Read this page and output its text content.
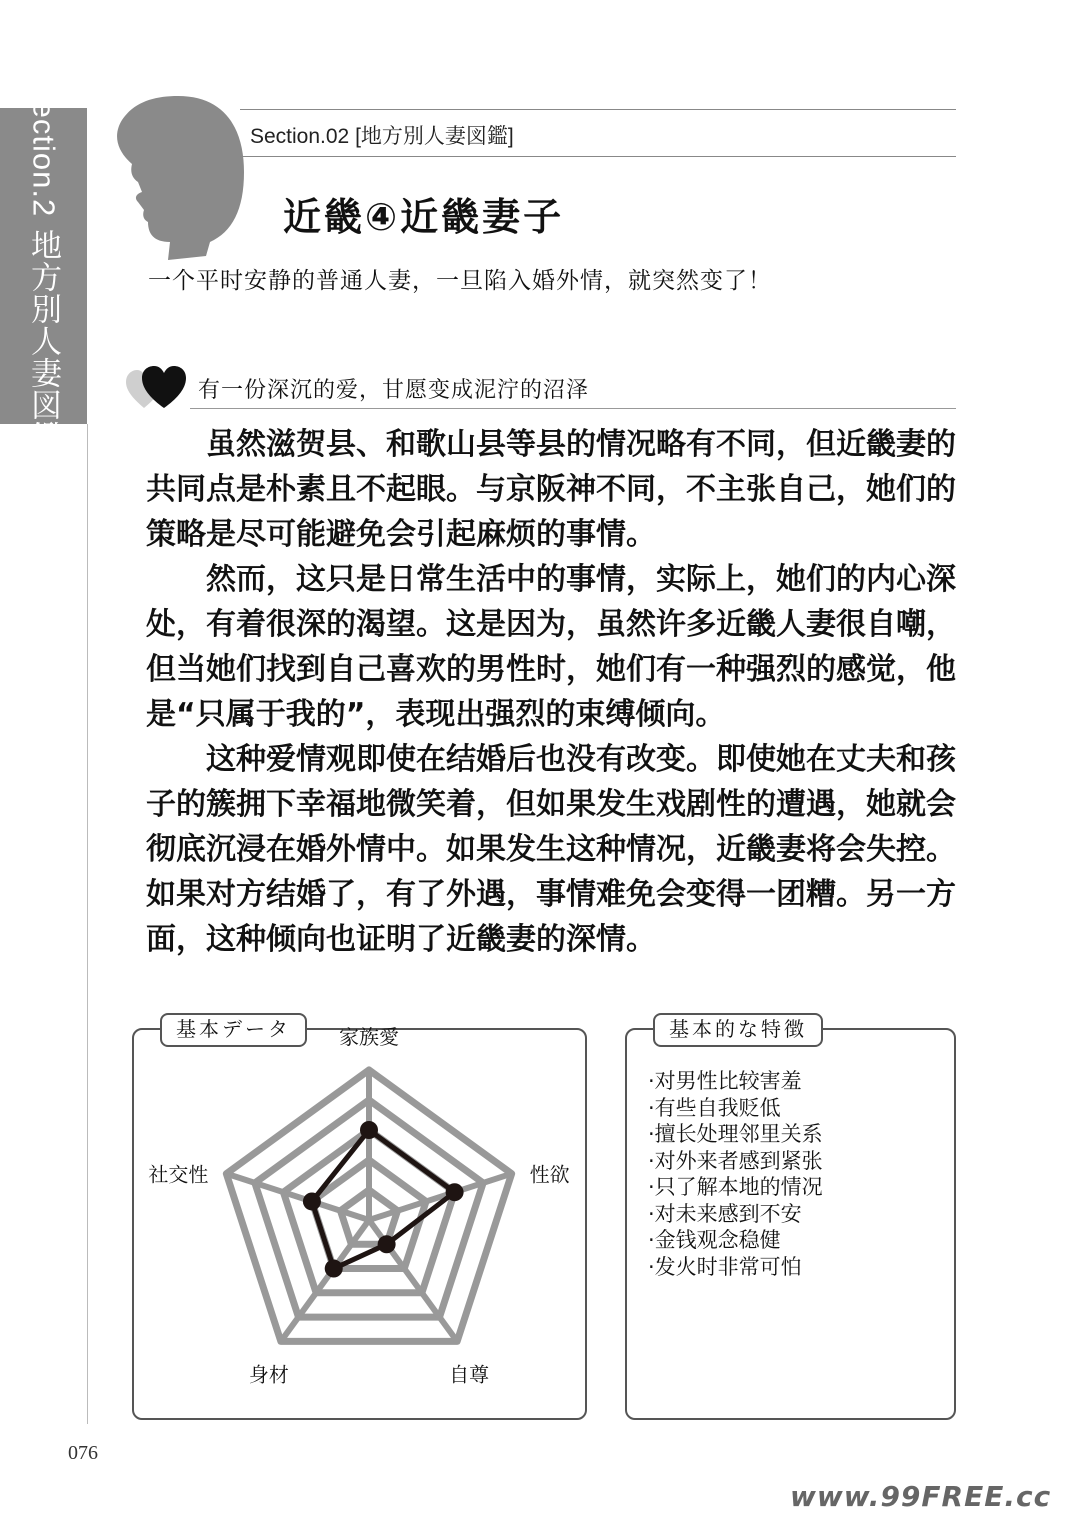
Section.2
地方別人妻図鑑
Section.02 [地方別人妻図鑑]
近畿④近畿妻子
一个平时安静的普通人妻，一旦陷入婚外情，就突然变了！
有一份深沉的爱，甘愿变成泥泞的沼泽

虽然滋贺县、和歌山县等县的情况略有不同，但近畿妻的共同点是朴素且不起眼。与京阪神不同，不主张自己，她们的策略是尽可能避免会引起麻烦的事情。

然而，这只是日常生活中的事情，实际上，她们的内心深处，有着很深的渴望。这是因为，虽然许多近畿人妻很自嘲，但当她们找到自己喜欢的男性时，她们有一种强烈的感觉，他是“只属于我的”，表现出强烈的束缚倾向。

这种爱情观即使在结婚后也没有改变。即使她在丈夫和孩子的簇拥下幸福地微笑着，但如果发生戏剧性的遭遇，她就会彻底沉浸在婚外情中。如果发生这种情况，近畿妻将会失控。如果对方结婚了，有了外遇，事情难免会变得一团糟。另一方面，这种倾向也证明了近畿妻的深情。

基本データ	家族愛
性欲
自尊
身材
社交性
基本的な特徴
·对男性比较害羞
·有些自我贬低
·擅长处理邻里关系
·对外来者感到紧张
·只了解本地的情况
·对未来感到不安
·金钱观念稳健
·发火时非常可怕
076
www.99FREE.cc
